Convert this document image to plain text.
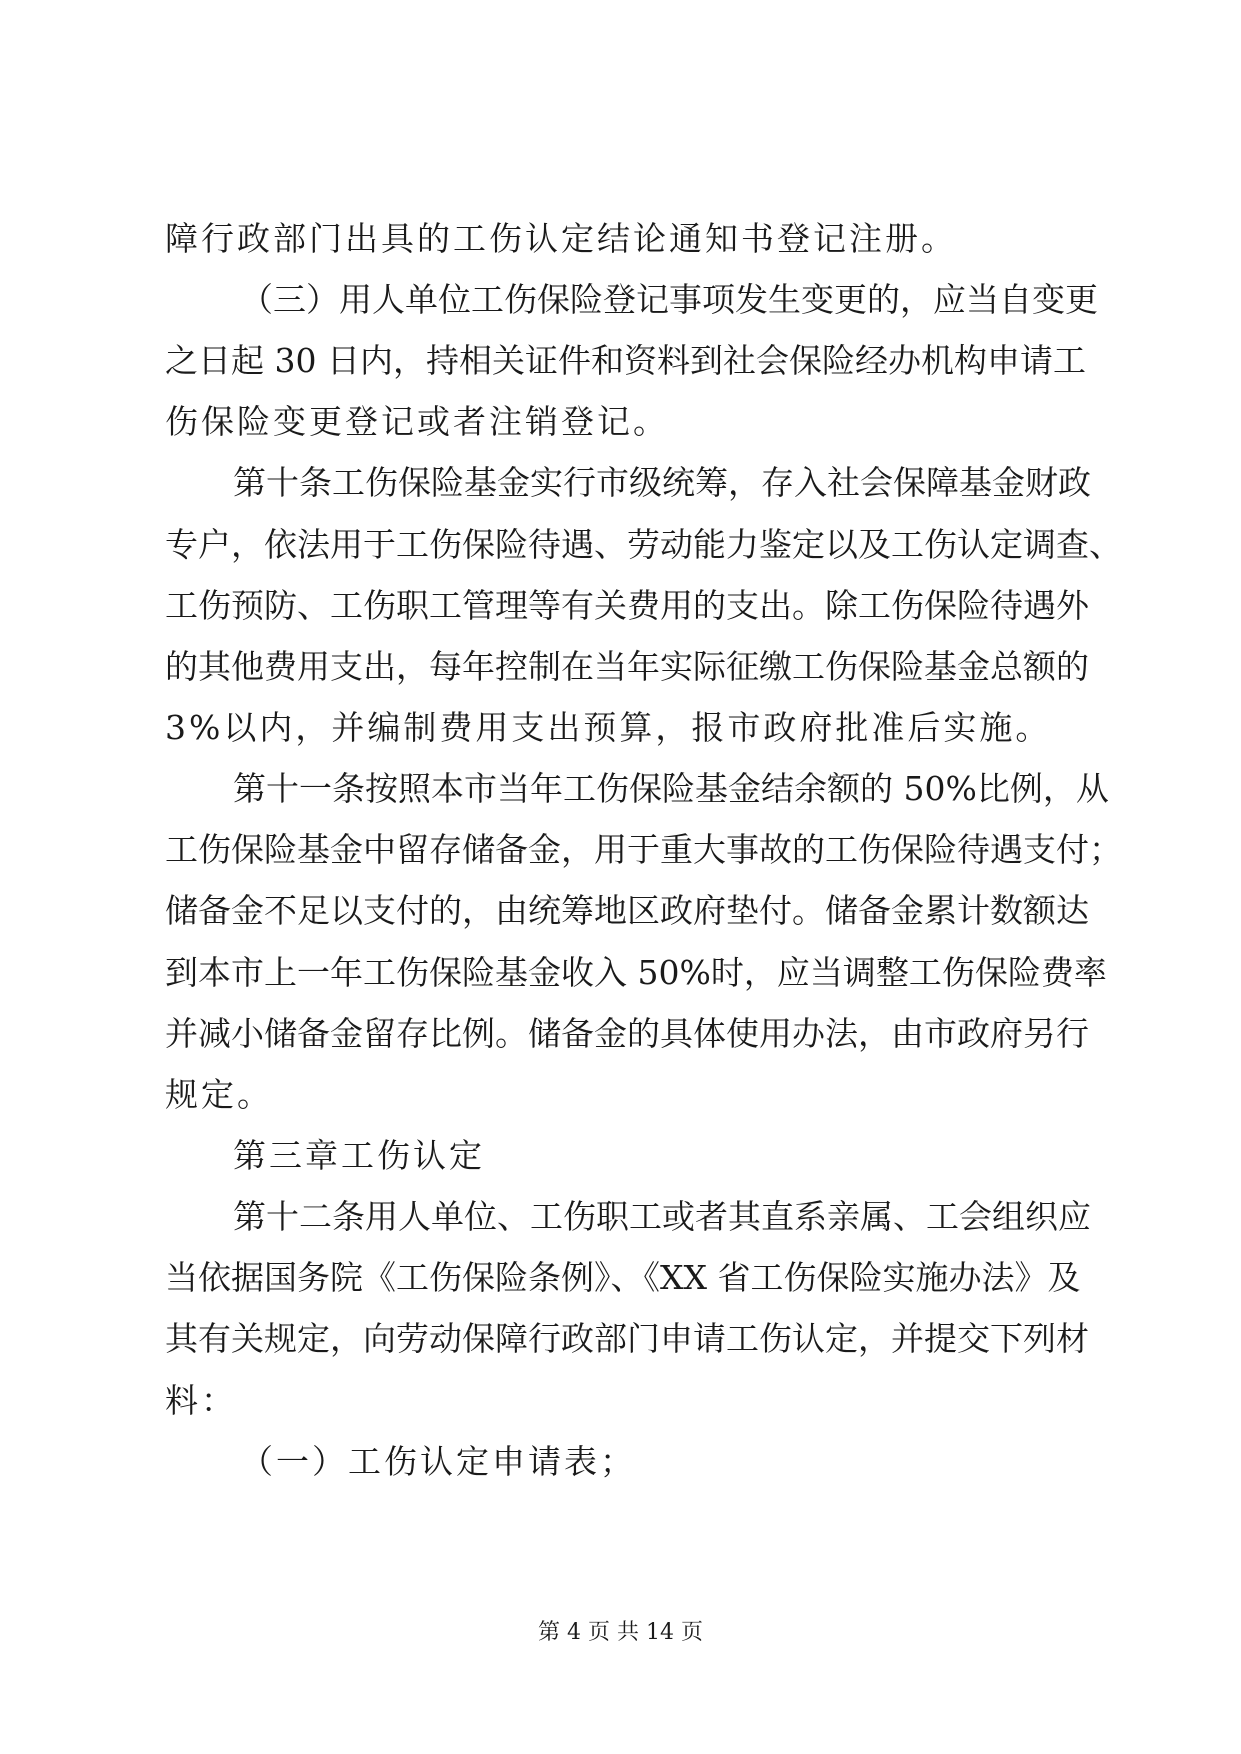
障行政部门出具的工伤认定结论通知书登记注册。
（三）用人单位工伤保险登记事项发生变更的，应当自变更
之日起 30 日内，持相关证件和资料到社会保险经办机构申请工
伤保险变更登记或者注销登记。
第十条工伤保险基金实行市级统筹，存入社会保障基金财政
专户，依法用于工伤保险待遇、劳动能力鉴定以及工伤认定调查、
工伤预防、工伤职工管理等有关费用的支出。除工伤保险待遇外
的其他费用支出，每年控制在当年实际征缴工伤保险基金总额的
3%以内，并编制费用支出预算，报市政府批准后实施。
第十一条按照本市当年工伤保险基金结余额的 50%比例，从
工伤保险基金中留存储备金，用于重大事故的工伤保险待遇支付；
储备金不足以支付的，由统筹地区政府垫付。储备金累计数额达
到本市上一年工伤保险基金收入 50%时，应当调整工伤保险费率
并减小储备金留存比例。储备金的具体使用办法，由市政府另行
规定。
第三章工伤认定
第十二条用人单位、工伤职工或者其直系亲属、工会组织应
当依据国务院《工伤保险条例》、《XX 省工伤保险实施办法》及
其有关规定，向劳动保障行政部门申请工伤认定，并提交下列材
料：
（一）工伤认定申请表；
第 4 页 共 14 页
